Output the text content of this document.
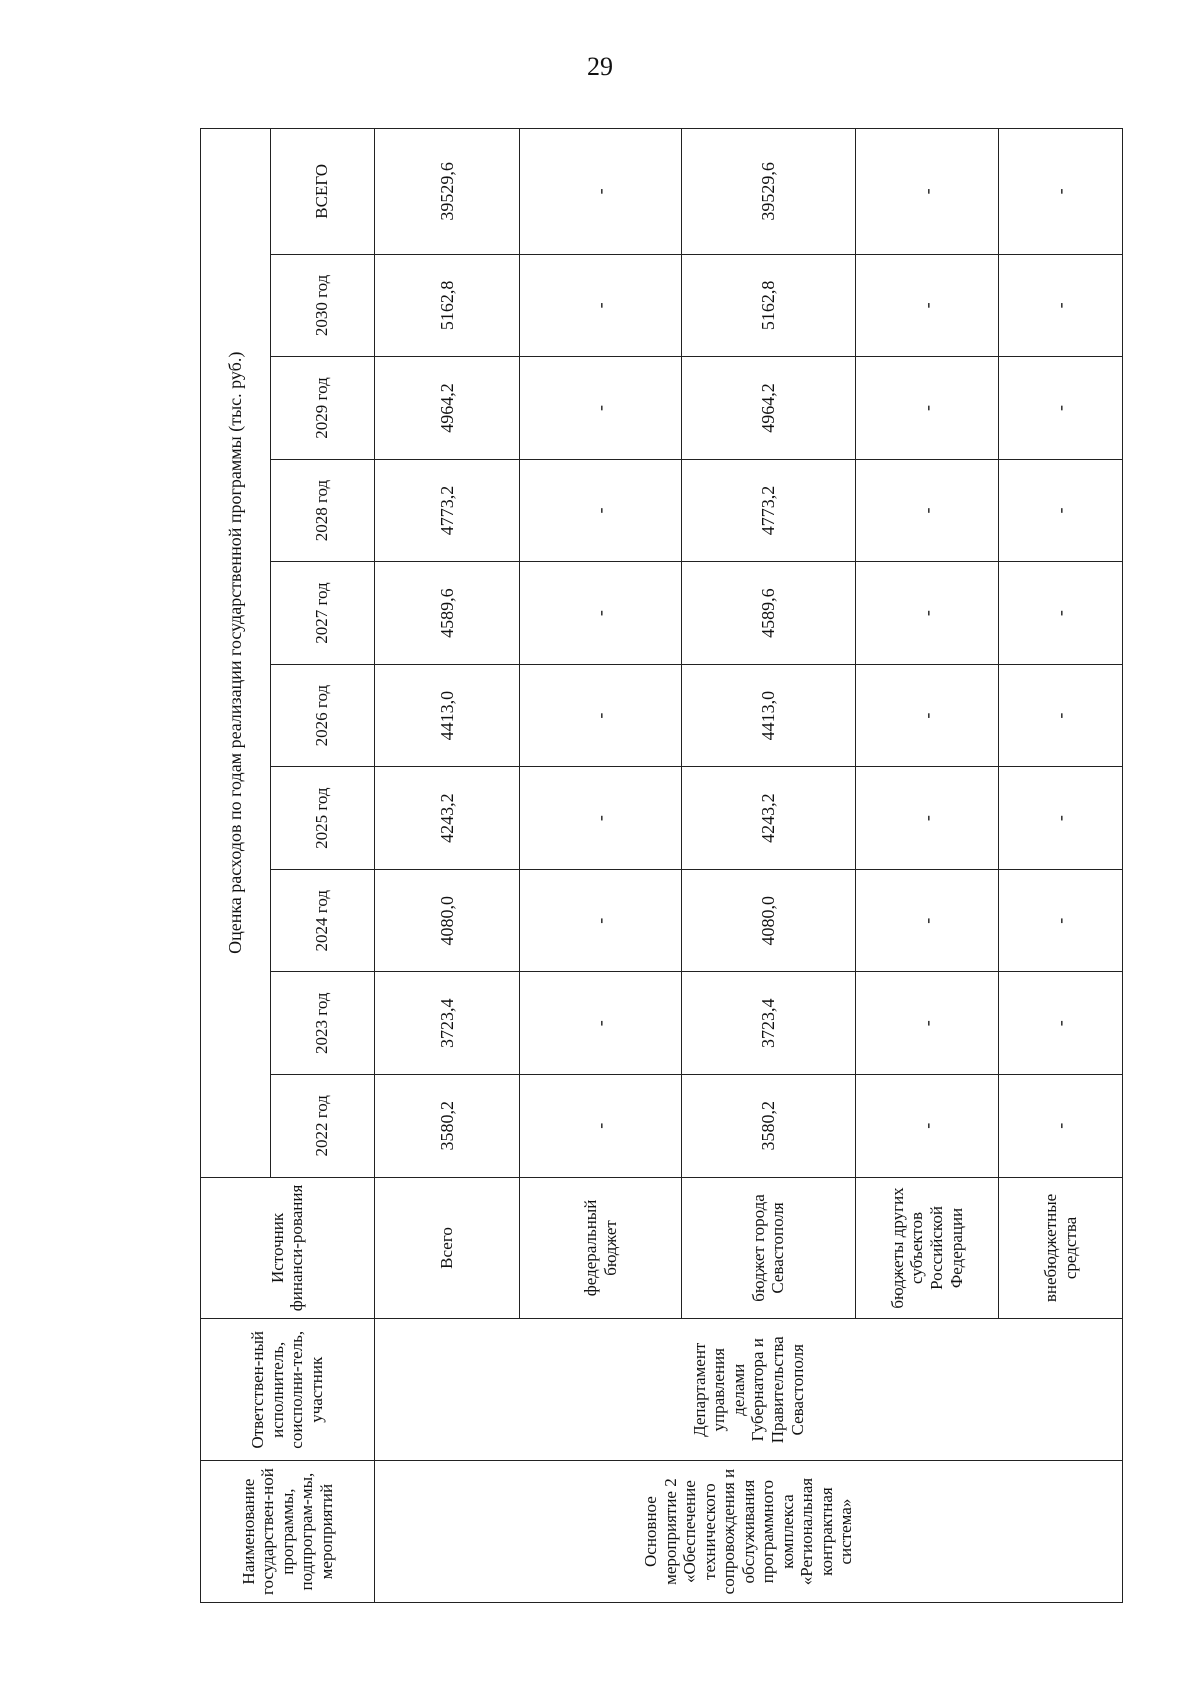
29
Наименование государствен-ной программы, подпрограм-мы, мероприятий	Ответствен-ный исполнитель, соисполни-тель, участник	Источник финанси-рования	Оценка расходов по годам реализации государственной программы (тыс. руб.)									
			2022 год	2023 год	2024 год	2025 год	2026 год	2027 год	2028 год	2029 год	2030 год	ВСЕГО
Основное мероприятие 2 «Обеспечение технического сопровождения и обслуживания программного комплекса «Региональная контрактная система»	Департамент управления делами Губернатора и Правительства Севастополя	Всего	3580,2	3723,4	4080,0	4243,2	4413,0	4589,6	4773,2	4964,2	5162,8	39529,6
		федеральный бюджет	-	-	-	-	-	-	-	-	-	-
		бюджет города Севастополя	3580,2	3723,4	4080,0	4243,2	4413,0	4589,6	4773,2	4964,2	5162,8	39529,6
		бюджеты других субъектов Российской Федерации	-	-	-	-	-	-	-	-	-	-
		внебюджетные средства	-	-	-	-	-	-	-	-	-	-
